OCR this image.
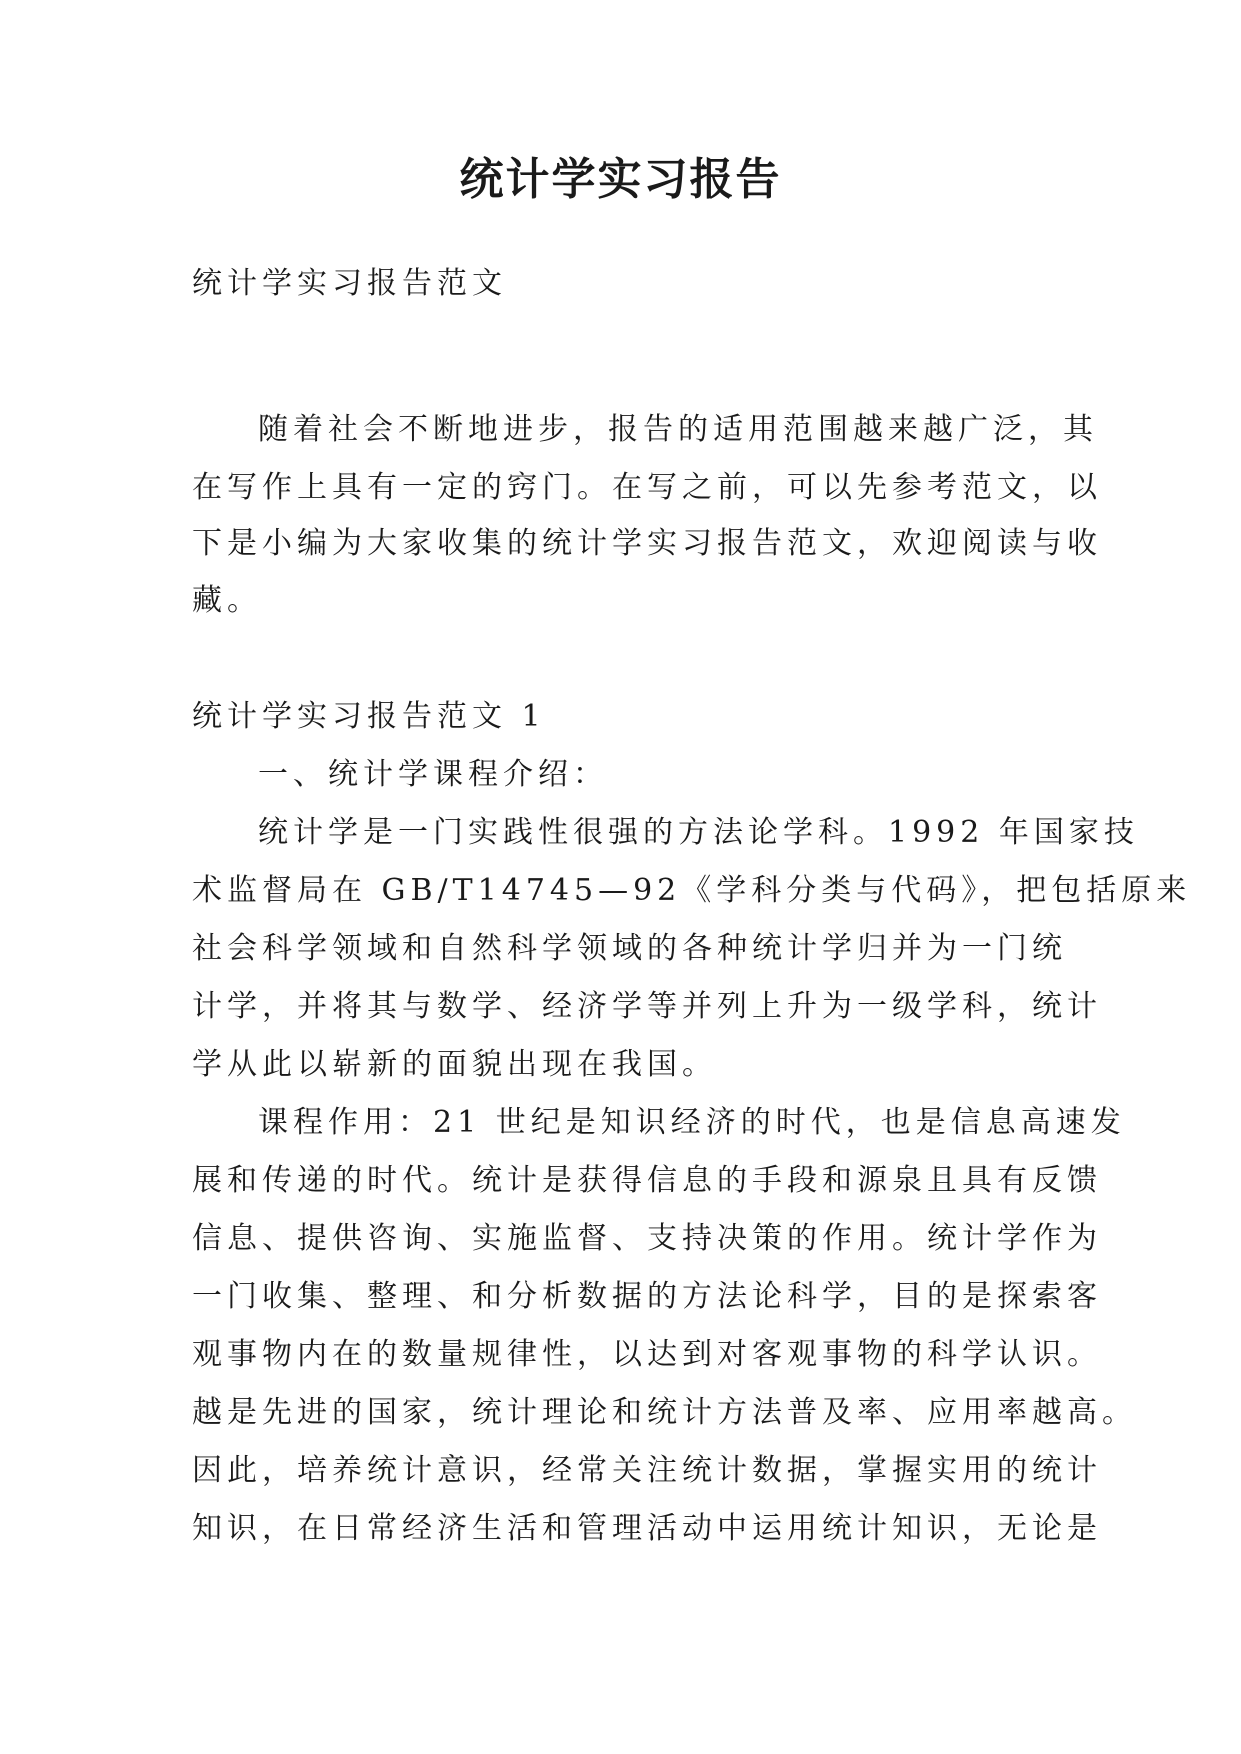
统计学实习报告
统计学实习报告范文
随着社会不断地进步，报告的适用范围越来越广泛，其
在写作上具有一定的窍门。在写之前，可以先参考范文，以
下是小编为大家收集的统计学实习报告范文，欢迎阅读与收
藏。
统计学实习报告范文 1
一、统计学课程介绍：
统计学是一门实践性很强的方法论学科。1992 年国家技
术监督局在 GB/T14745—92《学科分类与代码》，把包括原来
社会科学领域和自然科学领域的各种统计学归并为一门统
计学，并将其与数学、经济学等并列上升为一级学科，统计
学从此以崭新的面貌出现在我国。
课程作用：21 世纪是知识经济的时代，也是信息高速发
展和传递的时代。统计是获得信息的手段和源泉且具有反馈
信息、提供咨询、实施监督、支持决策的作用。统计学作为
一门收集、整理、和分析数据的方法论科学，目的是探索客
观事物内在的数量规律性，以达到对客观事物的科学认识。
越是先进的国家，统计理论和统计方法普及率、应用率越高。
因此，培养统计意识，经常关注统计数据，掌握实用的统计
知识，在日常经济生活和管理活动中运用统计知识，无论是
